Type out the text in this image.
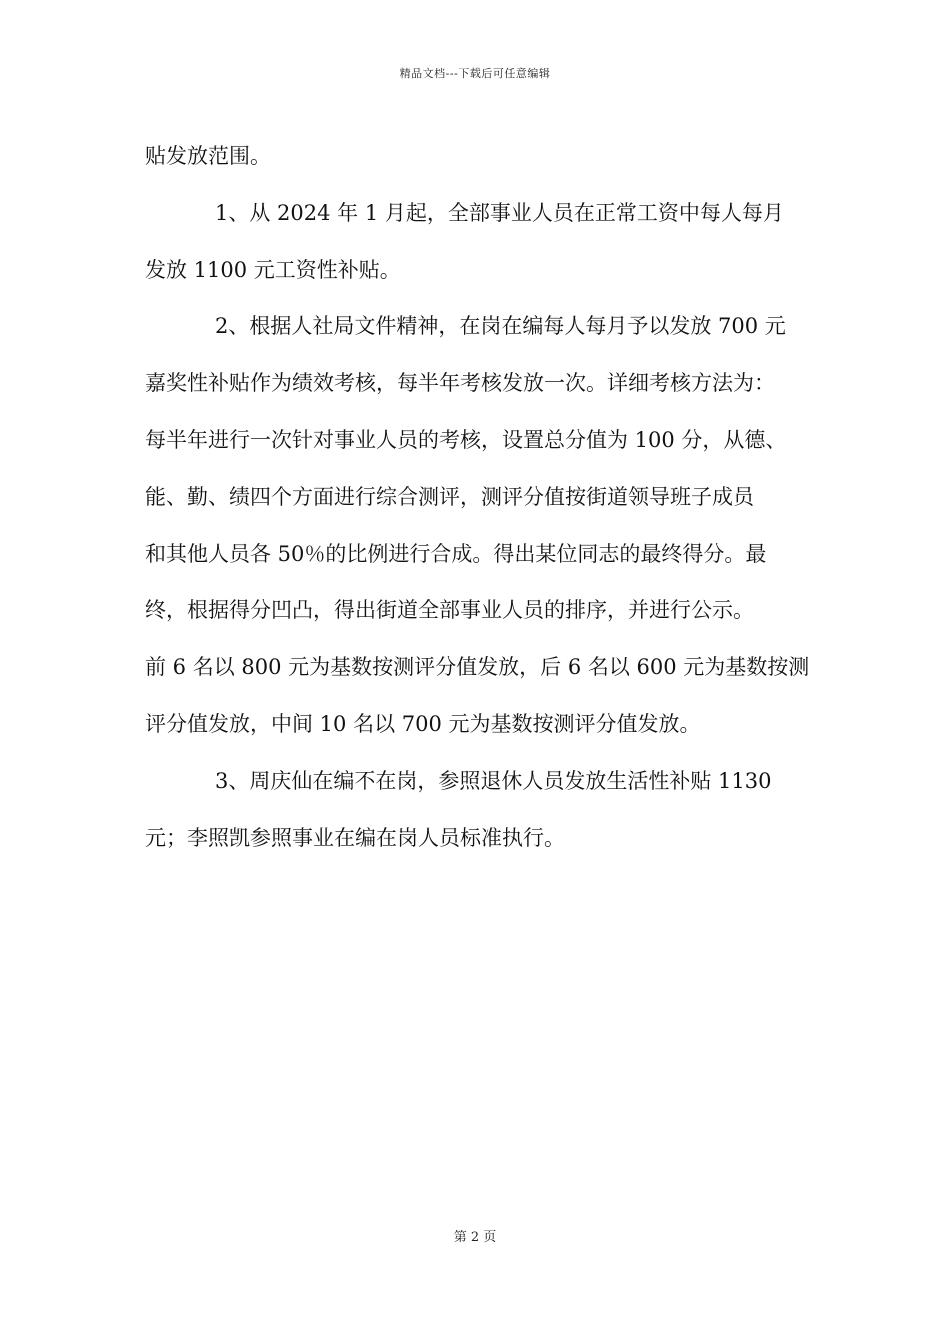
精品文档---下载后可任意编辑
贴发放范围。
1、从 2024 年 1 月起，全部事业人员在正常工资中每人每月
发放 1100 元工资性补贴。
2、根据人社局文件精神，在岗在编每人每月予以发放 700 元
嘉奖性补贴作为绩效考核，每半年考核发放一次。详细考核方法为：
每半年进行一次针对事业人员的考核，设置总分值为 100 分，从德、
能、勤、绩四个方面进行综合测评，测评分值按街道领导班子成员
和其他人员各 50％的比例进行合成。得出某位同志的最终得分。最
终，根据得分凹凸，得出街道全部事业人员的排序，并进行公示。
前 6 名以 800 元为基数按测评分值发放，后 6 名以 600 元为基数按测
评分值发放，中间 10 名以 700 元为基数按测评分值发放。
3、周庆仙在编不在岗，参照退休人员发放生活性补贴 1130
元；李照凯参照事业在编在岗人员标准执行。
第 2 页
